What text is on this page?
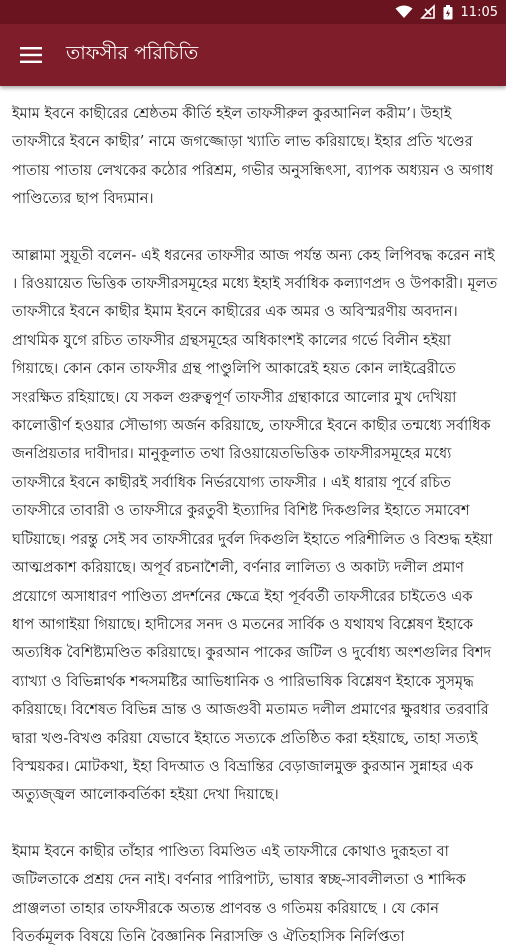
11:05
তাফসীর পরিচিতি

ইমাম ইবনে কাছীরের শ্রেষ্ঠতম কীর্তি হইল তাফসীরুল কুরআনিল করীম’। উহাই তাফসীরে ইবনে কাছীর’ নামে জগজ্জোড়া খ্যাতি লাভ করিয়াছে। ইহার প্রতি খণ্ডের পাতায় পাতায় লেখকের কঠোর পরিশ্রম, গভীর অনুসন্ধিৎসা, ব্যাপক অধ্যয়ন ও অগাধ পাণ্ডিত্যের ছাপ বিদ্যমান।

আল্লামা সুয়ূতী বলেন- এই ধরনের তাফসীর আজ পর্যন্ত অন্য কেহ লিপিবদ্ধ করেন নাই । রিওয়ায়েত ভিত্তিক তাফসীরসমূহের মধ্যে ইহাই সর্বাধিক কল্যাণপ্রদ ও উপকারী। মূলত তাফসীরে ইবনে কাছীর ইমাম ইবনে কাছীরের এক অমর ও অবিস্মরণীয় অবদান। প্রাথমিক যুগে রচিত তাফসীর গ্রন্থসমূহের অধিকাংশই কালের গর্ভে বিলীন হইয়া গিয়াছে। কোন কোন তাফসীর গ্রন্থ পাণ্ডুলিপি আকারেই হয়ত কোন লাইব্রেরীতে সংরক্ষিত রহিয়াছে। যে সকল গুরুত্বপূর্ণ তাফসীর গ্রন্থাকারে আলোর মুখ দেখিয়া কালোত্তীর্ণ হওয়ার সৌভাগ্য অর্জন করিয়াছে, তাফসীরে ইবনে কাছীর তন্মধ্যে সর্বাধিক জনপ্রিয়তার দাবীদার। মানুকূলাত তথা রিওয়ায়েতভিত্তিক তাফসীরসমূহের মধ্যে তাফসীরে ইবনে কাছীরই সর্বাধিক নির্ভরযোগ্য তাফসীর । এই ধারায় পূর্বে রচিত তাফসীরে তাবারী ও তাফসীরে কুরতুবী ইত্যাদির বিশিষ্ট দিকগুলির ইহাতে সমাবেশ ঘটিয়াছে। পরন্তু সেই সব তাফসীরের দুর্বল দিকগুলি ইহাতে পরিশীলিত ও বিশুদ্ধ হইয়া আত্মপ্রকাশ করিয়াছে। অপূর্ব রচনাশৈলী, বর্ণনার লালিত্য ও অকাট্য দলীল প্রমাণ প্রয়োগে অসাধারণ পাণ্ডিত্য প্রদর্শনের ক্ষেত্রে ইহা পূর্ববর্তী তাফসীরের চাইতেও এক ধাপ আগাইয়া গিয়াছে। হাদীসের সনদ ও মতনের সার্বিক ও যথাযথ বিশ্লেষণ ইহাকে অত্যধিক বৈশিষ্ট্যমণ্ডিত করিয়াছে। কুরআন পাকের জটিল ও দুর্বোধ্য অংশগুলির বিশদ ব্যাখ্যা ও বিভিন্নার্থক শব্দসমষ্টির আভিধানিক ও পারিভাষিক বিশ্লেষণ ইহাকে সুসমৃদ্ধ করিয়াছে। বিশেষত বিভিন্ন ভ্রান্ত ও আজগুবী মতামত দলীল প্রমাণের ক্ষুরধার তরবারি দ্বারা খণ্ড-বিখণ্ড করিয়া যেভাবে ইহাতে সত্যকে প্রতিষ্ঠিত করা হইয়াছে, তাহা সত্যই বিস্ময়কর। মোটকথা, ইহা বিদআত ও বিভ্রান্তির বেড়াজালমুক্ত কুরআন সুন্নাহর এক অত্যুজ্জ্বল আলোকবর্তিকা হইয়া দেখা দিয়াছে।

ইমাম ইবনে কাছীর তাঁহার পাণ্ডিত্য বিমণ্ডিত এই তাফসীরে কোথাও দুরূহতা বা জটিলতাকে প্রশ্রয় দেন নাই। বর্ণনার পারিপাট্য, ভাষার স্বচ্ছ-সাবলীলতা ও শাব্দিক প্রাঞ্জলতা তাহার তাফসীরকে অত্যন্ত প্রাণবন্ত ও গতিময় করিয়াছে । যে কোন বিতর্কমূলক বিষয়ে তিনি বৈজ্ঞানিক নিরাসক্তি ও ঐতিহাসিক নির্লিপ্ততা
